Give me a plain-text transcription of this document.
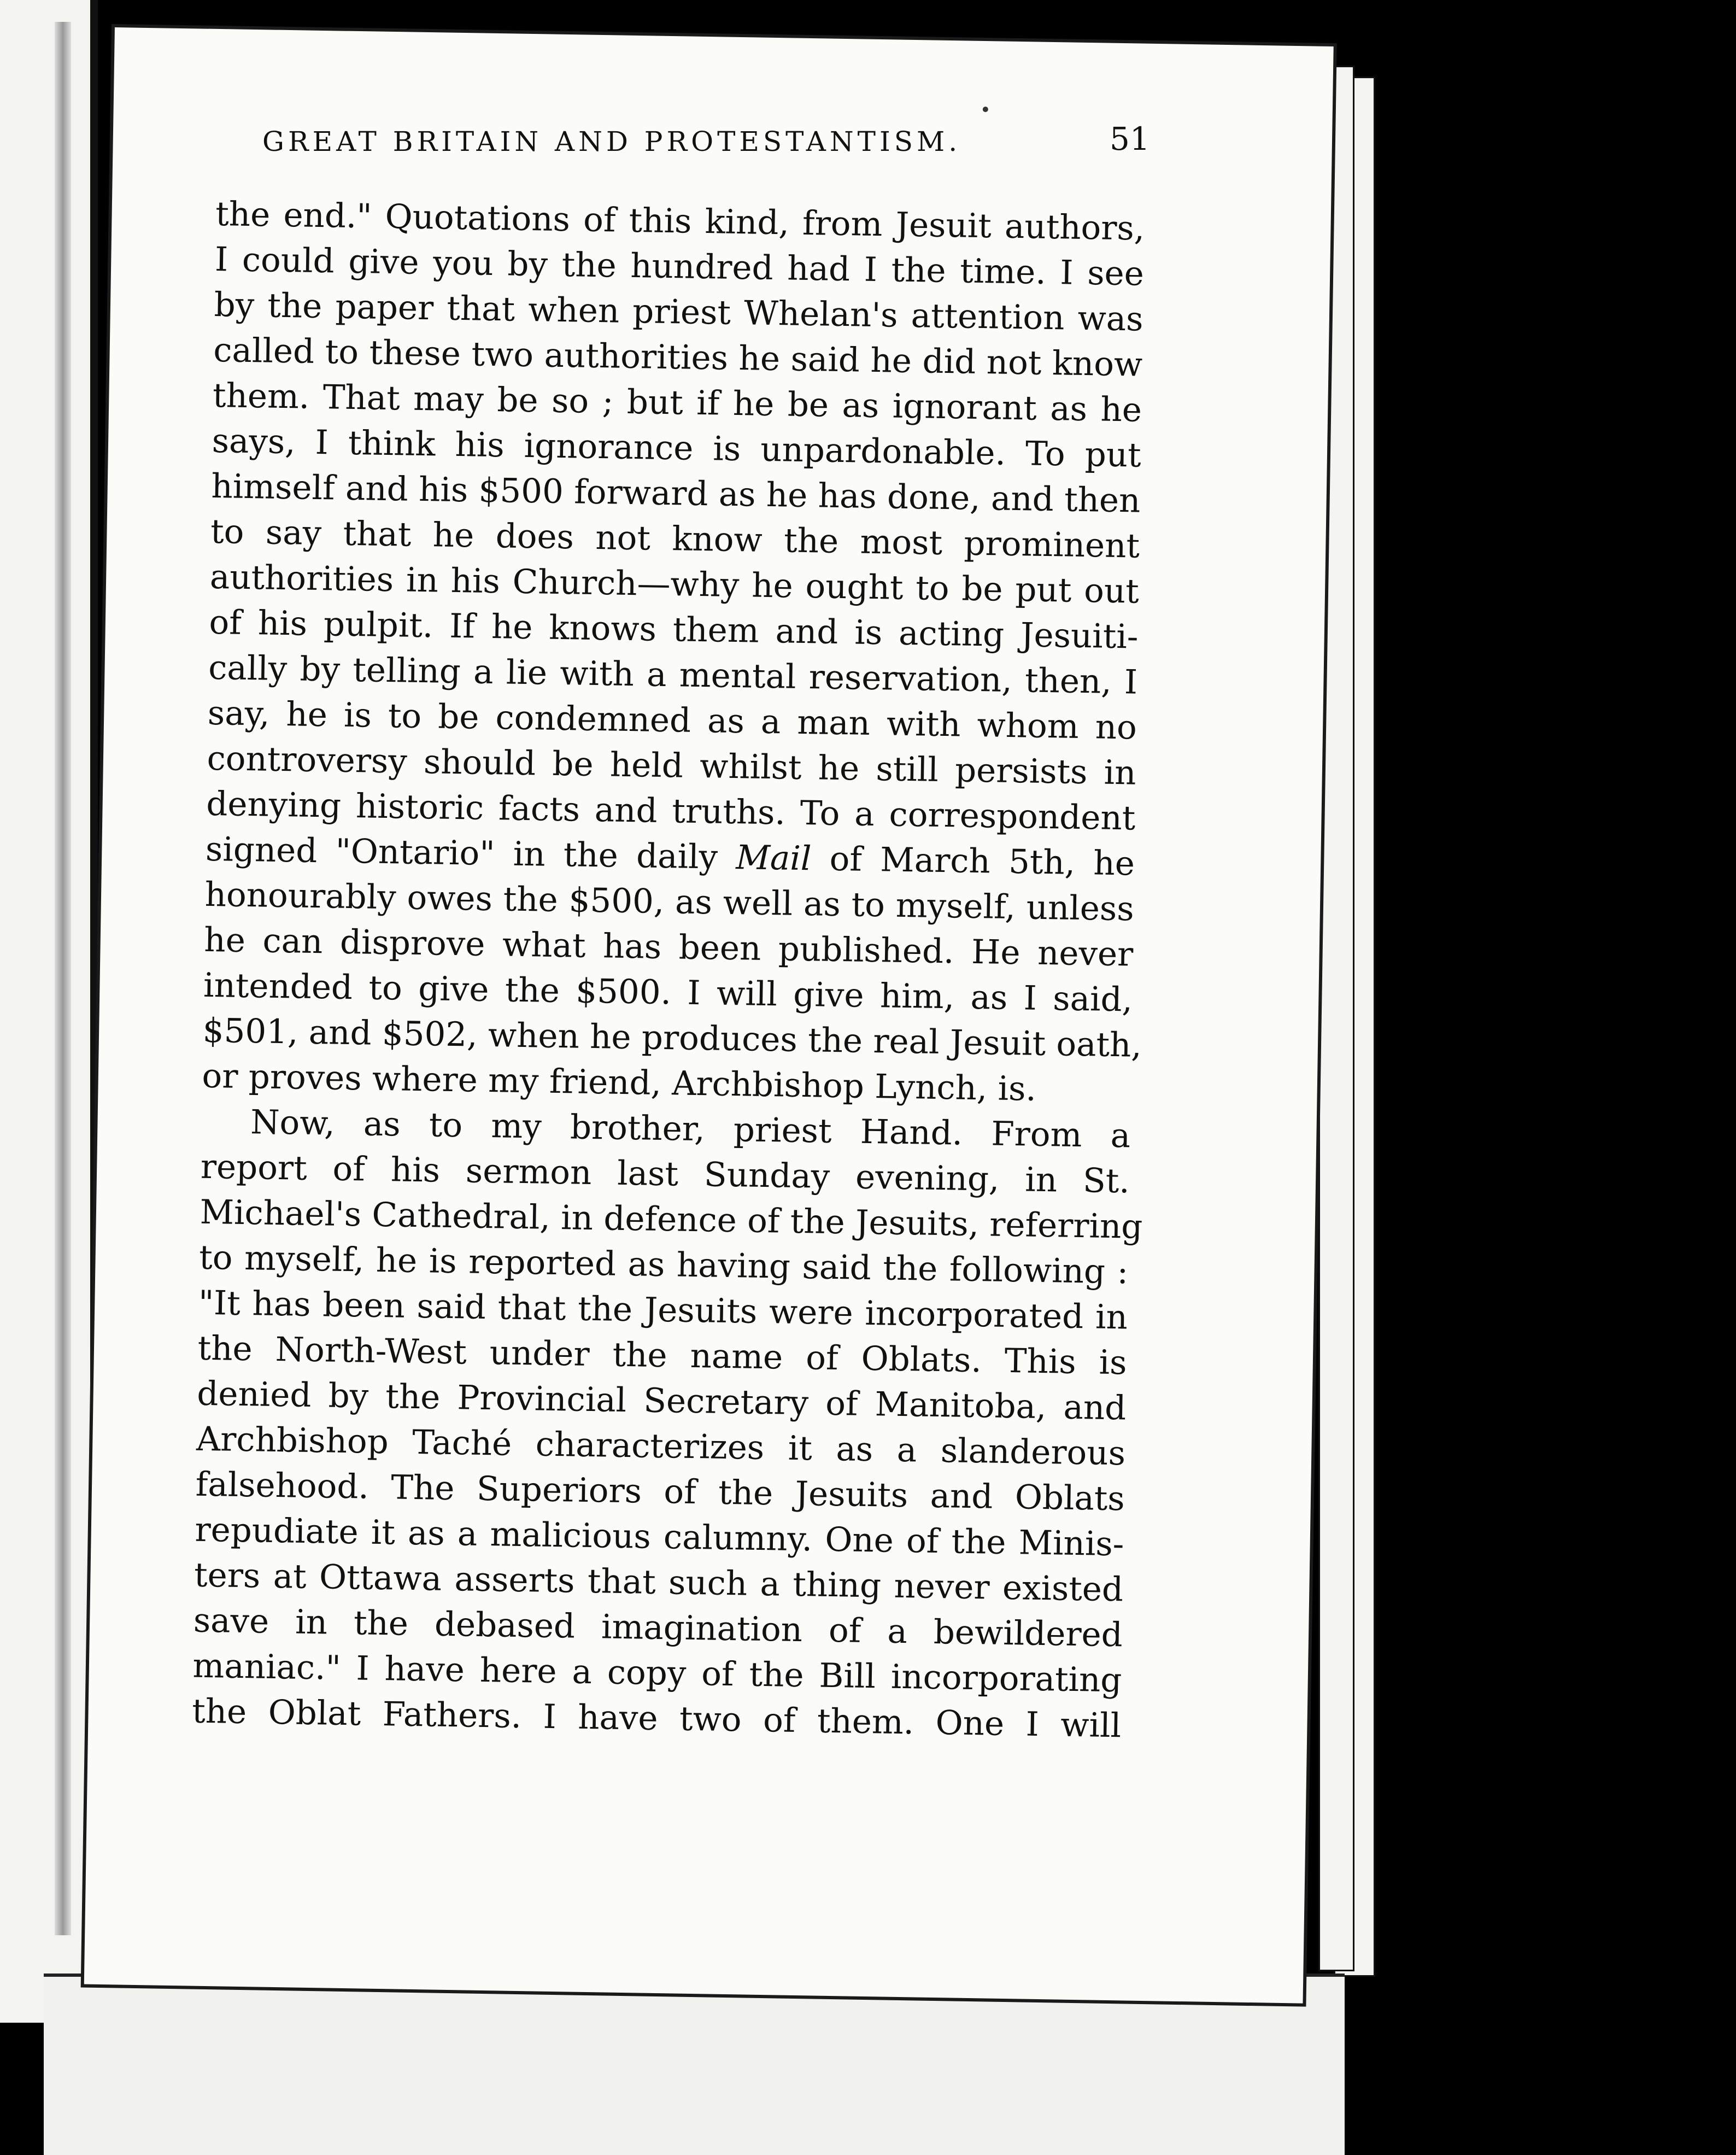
GREAT BRITAIN AND PROTESTANTISM.	51
the end." Quotations of this kind, from Jesuit authors,
I could give you by the hundred had I the time. I see
by the paper that when priest Whelan's attention was
called to these two authorities he said he did not know
them. That may be so ; but if he be as ignorant as he
says, I think his ignorance is unpardonable. To put
himself and his $500 forward as he has done, and then
to say that he does not know the most prominent
authorities in his Church—why he ought to be put out
of his pulpit. If he knows them and is acting Jesuiti-
cally by telling a lie with a mental reservation, then, I
say, he is to be condemned as a man with whom no
controversy should be held whilst he still persists in
denying historic facts and truths. To a correspondent
signed "Ontario" in the daily Mail of March 5th, he
honourably owes the $500, as well as to myself, unless
he can disprove what has been published. He never
intended to give the $500. I will give him, as I said,
$501, and $502, when he produces the real Jesuit oath,
or proves where my friend, Archbishop Lynch, is.
Now, as to my brother, priest Hand. From a
report of his sermon last Sunday evening, in St.
Michael's Cathedral, in defence of the Jesuits, referring
to myself, he is reported as having said the following :
"It has been said that the Jesuits were incorporated in
the North-West under the name of Oblats. This is
denied by the Provincial Secretary of Manitoba, and
Archbishop Taché characterizes it as a slanderous
falsehood. The Superiors of the Jesuits and Oblats
repudiate it as a malicious calumny. One of the Minis-
ters at Ottawa asserts that such a thing never existed
save in the debased imagination of a bewildered
maniac." I have here a copy of the Bill incorporating
the Oblat Fathers. I have two of them. One I will
